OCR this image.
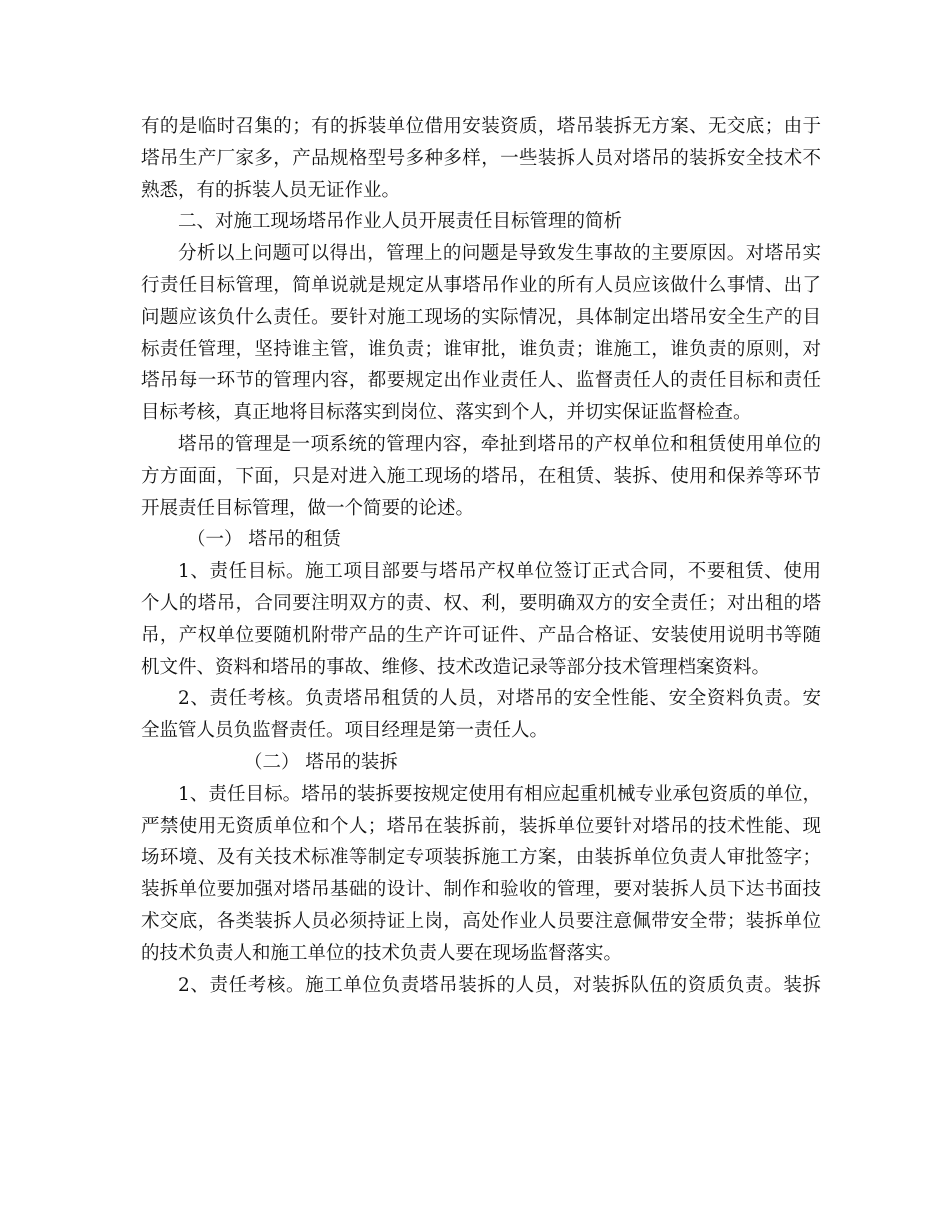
有的是临时召集的；有的拆装单位借用安装资质，塔吊装拆无方案、无交底；由于
塔吊生产厂家多，产品规格型号多种多样，一些装拆人员对塔吊的装拆安全技术不
熟悉，有的拆装人员无证作业。
二、对施工现场塔吊作业人员开展责任目标管理的简析
分析以上问题可以得出，管理上的问题是导致发生事故的主要原因。对塔吊实
行责任目标管理，简单说就是规定从事塔吊作业的所有人员应该做什么事情、出了
问题应该负什么责任。要针对施工现场的实际情况，具体制定出塔吊安全生产的目
标责任管理，坚持谁主管，谁负责；谁审批，谁负责；谁施工，谁负责的原则，对
塔吊每一环节的管理内容，都要规定出作业责任人、监督责任人的责任目标和责任
目标考核，真正地将目标落实到岗位、落实到个人，并切实保证监督检查。
塔吊的管理是一项系统的管理内容，牵扯到塔吊的产权单位和租赁使用单位的
方方面面，下面，只是对进入施工现场的塔吊，在租赁、装拆、使用和保养等环节
开展责任目标管理，做一个简要的论述。
（一） 塔吊的租赁
1、责任目标。施工项目部要与塔吊产权单位签订正式合同，不要租赁、使用
个人的塔吊，合同要注明双方的责、权、利，要明确双方的安全责任；对出租的塔
吊，产权单位要随机附带产品的生产许可证件、产品合格证、安装使用说明书等随
机文件、资料和塔吊的事故、维修、技术改造记录等部分技术管理档案资料。
2、责任考核。负责塔吊租赁的人员，对塔吊的安全性能、安全资料负责。安
全监管人员负监督责任。项目经理是第一责任人。
（二） 塔吊的装拆
1、责任目标。塔吊的装拆要按规定使用有相应起重机械专业承包资质的单位，
严禁使用无资质单位和个人；塔吊在装拆前，装拆单位要针对塔吊的技术性能、现
场环境、及有关技术标准等制定专项装拆施工方案，由装拆单位负责人审批签字；
装拆单位要加强对塔吊基础的设计、制作和验收的管理，要对装拆人员下达书面技
术交底，各类装拆人员必须持证上岗，高处作业人员要注意佩带安全带；装拆单位
的技术负责人和施工单位的技术负责人要在现场监督落实。
2、责任考核。施工单位负责塔吊装拆的人员，对装拆队伍的资质负责。装拆
